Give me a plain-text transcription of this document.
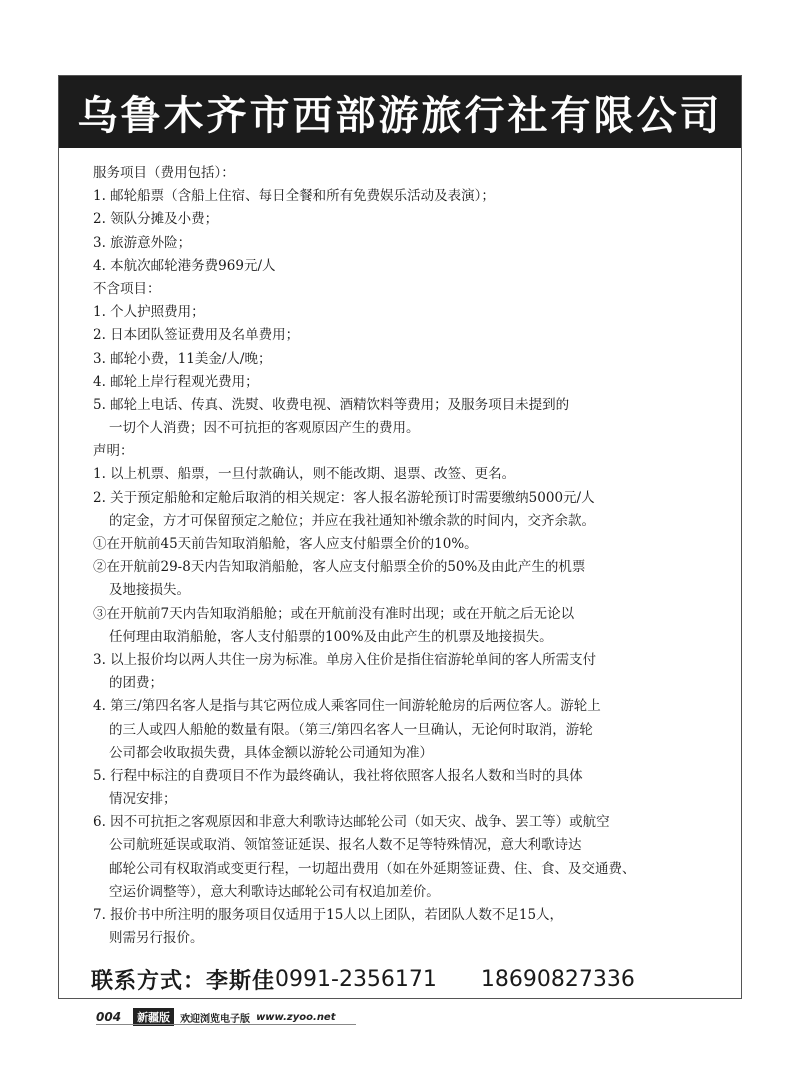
乌鲁木齐市西部游旅行社有限公司
服务项目（费用包括）：
1. 邮轮船票（含船上住宿、每日全餐和所有免费娱乐活动及表演）；
2. 领队分摊及小费；
3. 旅游意外险；
4. 本航次邮轮港务费969元/人
不含项目：
1. 个人护照费用；
2. 日本团队签证费用及名单费用；
3. 邮轮小费，11美金/人/晚；
4. 邮轮上岸行程观光费用；
5. 邮轮上电话、传真、洗熨、收费电视、酒精饮料等费用；及服务项目未提到的
一切个人消费；因不可抗拒的客观原因产生的费用。
声明：
1. 以上机票、船票，一旦付款确认，则不能改期、退票、改签、更名。
2. 关于预定船舱和定舱后取消的相关规定：客人报名游轮预订时需要缴纳5000元/人
的定金，方才可保留预定之舱位；并应在我社通知补缴余款的时间内，交齐余款。
①在开航前45天前告知取消船舱，客人应支付船票全价的10%。
②在开航前29-8天内告知取消船舱，客人应支付船票全价的50%及由此产生的机票
及地接损失。
③在开航前7天内告知取消船舱；或在开航前没有准时出现；或在开航之后无论以
任何理由取消船舱，客人支付船票的100%及由此产生的机票及地接损失。
3. 以上报价均以两人共住一房为标准。单房入住价是指住宿游轮单间的客人所需支付
的团费；
4. 第三/第四名客人是指与其它两位成人乘客同住一间游轮舱房的后两位客人。游轮上
的三人或四人船舱的数量有限。（第三/第四名客人一旦确认，无论何时取消，游轮
公司都会收取损失费，具体金额以游轮公司通知为准）
5. 行程中标注的自费项目不作为最终确认，我社将依照客人报名人数和当时的具体
情况安排；
6. 因不可抗拒之客观原因和非意大利歌诗达邮轮公司（如天灾、战争、罢工等）或航空
公司航班延误或取消、领馆签证延误、报名人数不足等特殊情况，意大利歌诗达
邮轮公司有权取消或变更行程，一切超出费用（如在外延期签证费、住、食、及交通费、
空运价调整等），意大利歌诗达邮轮公司有权追加差价。
7. 报价书中所注明的服务项目仅适用于15人以上团队，若团队人数不足15人，
则需另行报价。
联系方式：李斯佳 0991-2356171 18690827336
004	新疆版	欢迎浏览电子版 www.zyoo.net
